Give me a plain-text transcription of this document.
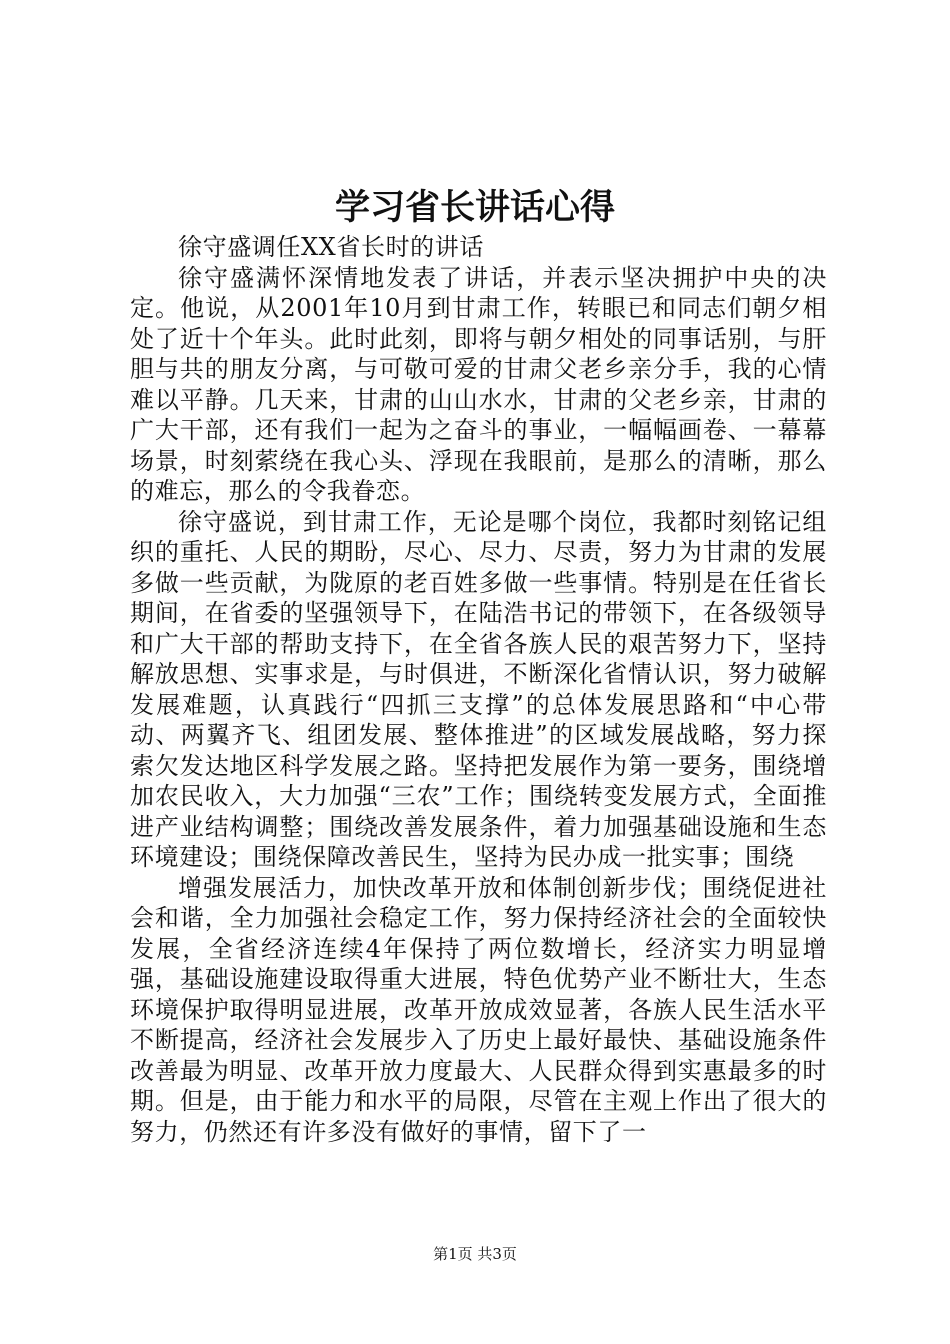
学习省长讲话心得

徐守盛调任XX省长时的讲话

徐守盛满怀深情地发表了讲话，并表示坚决拥护中央的决定。他说，从2001年10月到甘肃工作，转眼已和同志们朝夕相处了近十个年头。此时此刻，即将与朝夕相处的同事话别，与肝胆与共的朋友分离，与可敬可爱的甘肃父老乡亲分手，我的心情难以平静。几天来，甘肃的山山水水，甘肃的父老乡亲，甘肃的广大干部，还有我们一起为之奋斗的事业，一幅幅画卷、一幕幕场景，时刻萦绕在我心头、浮现在我眼前，是那么的清晰，那么的难忘，那么的令我眷恋。

徐守盛说，到甘肃工作，无论是哪个岗位，我都时刻铭记组织的重托、人民的期盼，尽心、尽力、尽责，努力为甘肃的发展多做一些贡献，为陇原的老百姓多做一些事情。特别是在任省长期间，在省委的坚强领导下，在陆浩书记的带领下，在各级领导和广大干部的帮助支持下，在全省各族人民的艰苦努力下，坚持解放思想、实事求是，与时俱进，不断深化省情认识，努力破解发展难题，认真践行“四抓三支撑”的总体发展思路和“中心带动、两翼齐飞、组团发展、整体推进”的区域发展战略，努力探索欠发达地区科学发展之路。坚持把发展作为第一要务，围绕增加农民收入，大力加强“三农”工作；围绕转变发展方式，全面推进产业结构调整；围绕改善发展条件，着力加强基础设施和生态环境建设；围绕保障改善民生，坚持为民办成一批实事；围绕

增强发展活力，加快改革开放和体制创新步伐；围绕促进社会和谐，全力加强社会稳定工作，努力保持经济社会的全面较快发展，全省经济连续4年保持了两位数增长，经济实力明显增强，基础设施建设取得重大进展，特色优势产业不断壮大，生态环境保护取得明显进展，改革开放成效显著，各族人民生活水平不断提高，经济社会发展步入了历史上最好最快、基础设施条件改善最为明显、改革开放力度最大、人民群众得到实惠最多的时期。但是，由于能力和水平的局限，尽管在主观上作出了很大的努力，仍然还有许多没有做好的事情，留下了一

第1页 共3页
